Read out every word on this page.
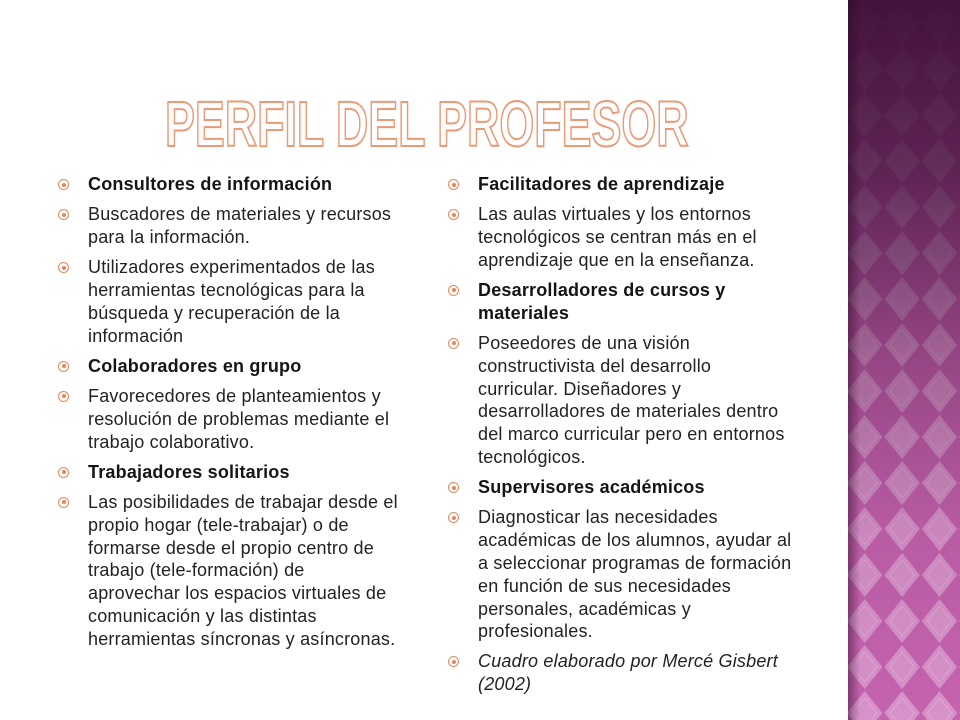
PERFIL DEL PROFESOR
Consultores de información
Buscadores de materiales y recursos
para la información.
Utilizadores experimentados de las
herramientas tecnológicas para la
búsqueda y recuperación de la
información
Colaboradores en grupo
Favorecedores de planteamientos y
resolución de problemas mediante el
trabajo colaborativo.
Trabajadores solitarios
Las posibilidades de trabajar desde el
propio hogar (tele-trabajar) o de
formarse desde el propio centro de
trabajo (tele-formación) de
aprovechar los espacios virtuales de
comunicación y las distintas
herramientas síncronas y asíncronas.
Facilitadores de aprendizaje
Las aulas virtuales y los entornos
tecnológicos se centran más en el
aprendizaje que en la enseñanza.
Desarrolladores de cursos y
materiales
Poseedores de una visión
constructivista del desarrollo
curricular. Diseñadores y
desarrolladores de materiales dentro
del marco curricular pero en entornos
tecnológicos.
Supervisores académicos
Diagnosticar las necesidades
académicas de los alumnos, ayudar al
a seleccionar programas de formación
en función de sus necesidades
personales, académicas y
profesionales.
Cuadro elaborado por Mercé Gisbert
(2002)
